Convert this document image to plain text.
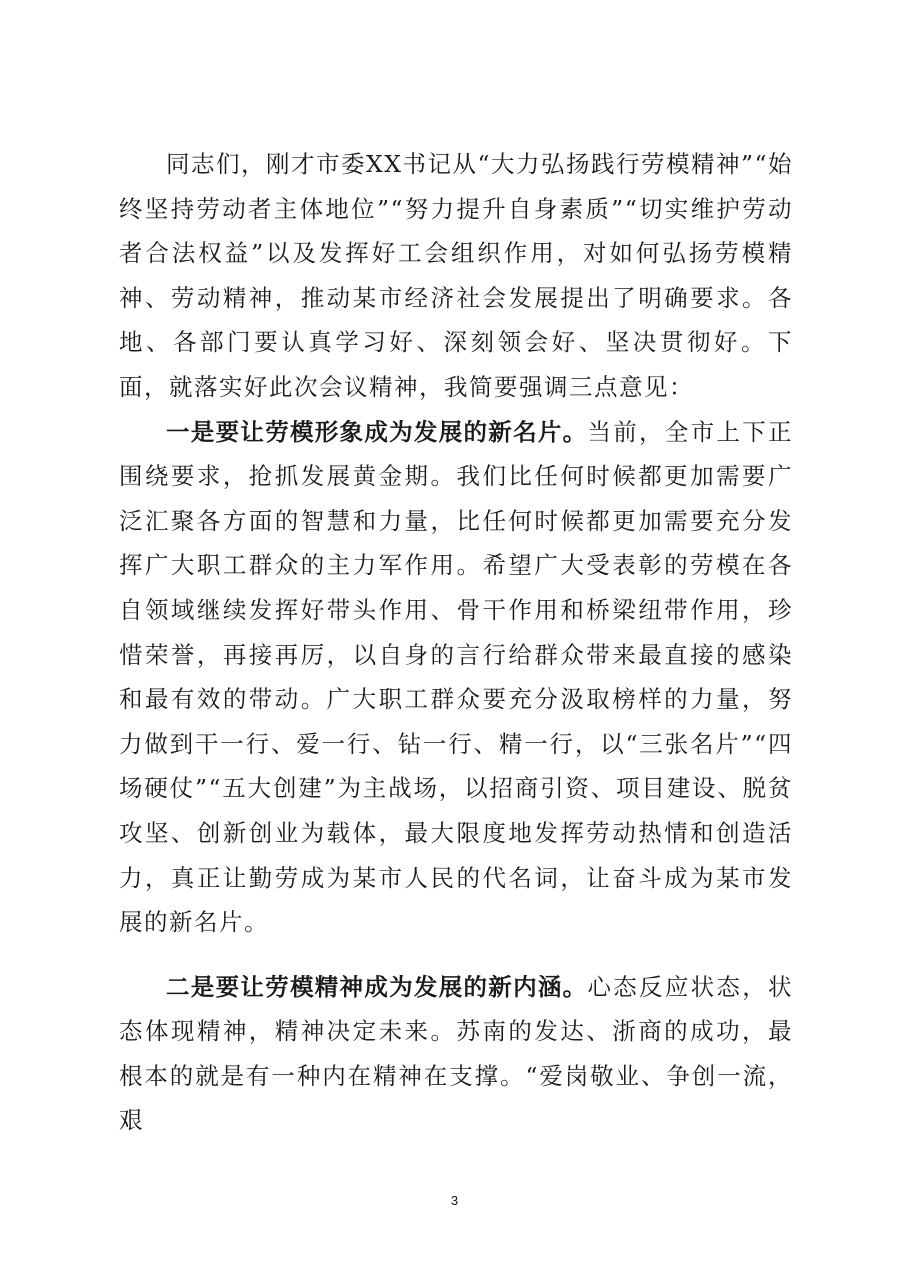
同志们，刚才市委XX书记从“大力弘扬践行劳模精神”“始终坚持劳动者主体地位”“努力提升自身素质”“切实维护劳动者合法权益”以及发挥好工会组织作用，对如何弘扬劳模精神、劳动精神，推动某市经济社会发展提出了明确要求。各地、各部门要认真学习好、深刻领会好、坚决贯彻好。下面，就落实好此次会议精神，我简要强调三点意见：

一是要让劳模形象成为发展的新名片。当前，全市上下正围绕要求，抢抓发展黄金期。我们比任何时候都更加需要广泛汇聚各方面的智慧和力量，比任何时候都更加需要充分发挥广大职工群众的主力军作用。希望广大受表彰的劳模在各自领域继续发挥好带头作用、骨干作用和桥梁纽带作用，珍惜荣誉，再接再厉，以自身的言行给群众带来最直接的感染和最有效的带动。广大职工群众要充分汲取榜样的力量，努力做到干一行、爱一行、钻一行、精一行，以“三张名片”“四场硬仗”“五大创建”为主战场，以招商引资、项目建设、脱贫攻坚、创新创业为载体，最大限度地发挥劳动热情和创造活力，真正让勤劳成为某市人民的代名词，让奋斗成为某市发展的新名片。

二是要让劳模精神成为发展的新内涵。心态反应状态，状态体现精神，精神决定未来。苏南的发达、浙商的成功，最根本的就是有一种内在精神在支撑。“爱岗敬业、争创一流，艰

3
